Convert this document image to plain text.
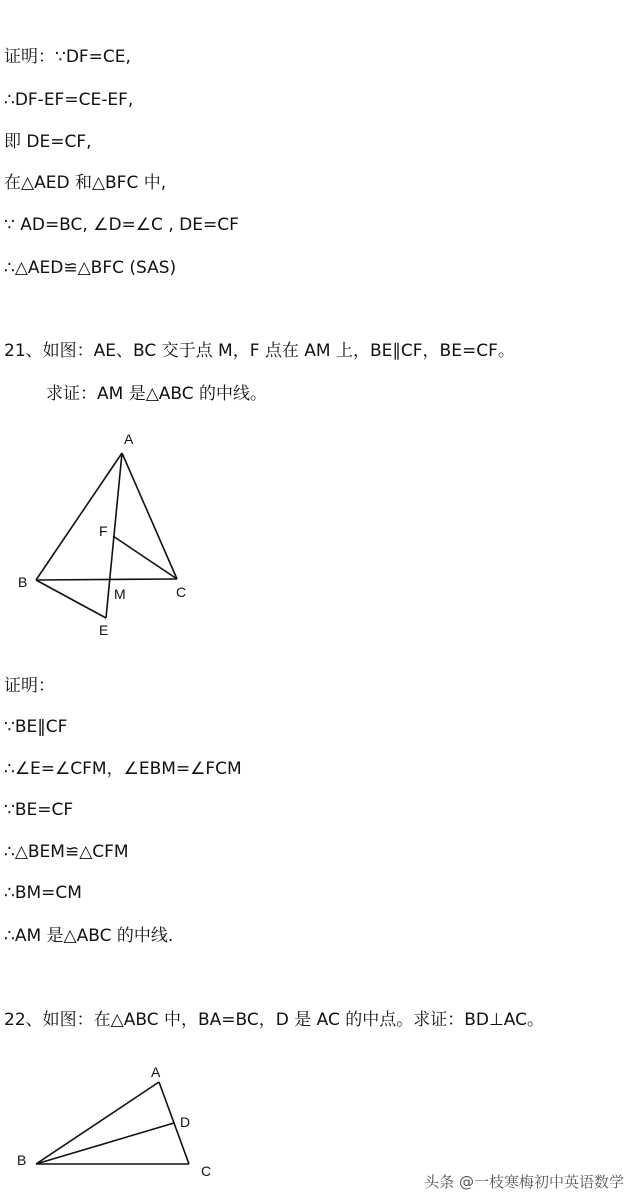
证明：∵DF=CE,
∴DF-EF=CE-EF,
即 DE=CF,
在△AED 和△BFC 中,
∵ AD=BC, ∠D=∠C , DE=CF
∴△AED≌△BFC (SAS)
21、如图：AE、BC 交于点 M，F 点在 AM 上，BE∥CF，BE=CF。
求证：AM 是△ABC 的中线。
A
F
B
C
M
E
证明：
∵BE‖CF
∴∠E=∠CFM，∠EBM=∠FCM
∵BE=CF
∴△BEM≌△CFM
∴BM=CM
∴AM 是△ABC 的中线.
22、如图：在△ABC 中，BA=BC，D 是 AC 的中点。求证：BD⊥AC。
A
D
B
C
头条 @一枝寒梅初中英语数学
